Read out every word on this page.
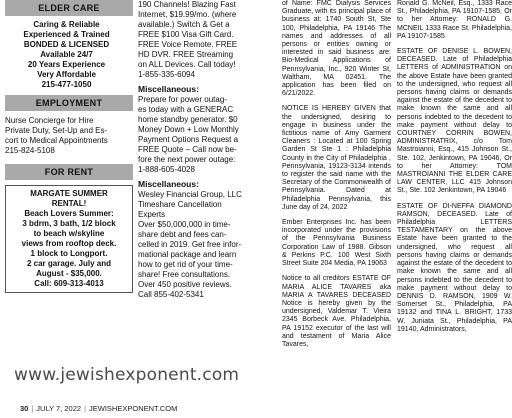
ELDER CARE
Caring & Reliable
Experienced & Trained
BONDED & LICENSED
Available 24/7
20 Years Experience
Very Affordable
215-477-1050
EMPLOYMENT
Nurse Concierge for Hire
Private Duty, Set-Up and Es-
cort to Medical Appointments
215-824-5108
FOR RENT
MARGATE SUMMER
RENTAL!
Beach Lovers Summer:
3 bdrm, 3 bath, 1/2 block
to beach w/skyline
views from rooftop deck.
1 block to Longport.
2 car garage. July and
August - $35,000.
Call: 609-313-4013

190 Channels! Blazing Fast

Internet, $19.99/mo. (where

available.) Switch & Get a

FREE $100 Visa Gift Card.

FREE Voice Remote. FREE

HD DVR. FREE Streaming

on ALL Devices. Call today!

1-855-335-6094

Miscellaneous:

Prepare for power outag-

es today with a GENERAC

home standby generator. $0

Money Down + Low Monthly

Payment Options Request a

FREE Quote – Call now be-

fore the next power outage:

1-888-605-4028

Miscellaneous:

Wesley Financial Group, LLC

Timeshare Cancellation

Experts

Over $50,000,000 in time-

share debt and fees can-

celled in 2019. Get free infor-

mational package and learn

how to get rid of your time-

share! Free consultations.

Over 450 positive reviews.

Call 855-402-5341

of Name: FMC Dialysis Services Graduate, with its principal place of business at: 1740 South St, Ste 100, Philadelphia, PA 19146 The names and addresses of all persons or entities owning or interested in said business are: Bio-Medical Applications of Pennsylvania, Inc., 920 Winter St, Waltham, MA 02451. The application has been filed on 6/21/2022.

NOTICE IS HEREBY GIVEN that the undersigned, desiring to engage in business under the fictitious name of Amy Garment Cleaners : Located at 100 Spring Garden St Ste 1 : Philadelphia County in the City of Philadelphia , Pennsylvania, 19123-3134 intends to register the said name with the Secretary of the Commonwealth of Pennsylvania. Dated at Philadelphia Pennsylvania, this June day of 24, 2022

Ember Enterprises Inc. has been incorporated under the provisions of the Pennsylvania Business Corporation Law of 1988. Gibson & Perkins P.C. 100 West Sixth Street Suite 204 Media, PA 19063

Notice to all creditors ESTATE OF MARIA ALICE TAVARES aka MARIA A TAVARES DECEASED Notice is hereby given by the undersigned, Valdemar T. Vieira 2345 Borbeck Ave. Philadelphia, PA 19152 executor of the last will and testament of Maria Alice Tavares,

Ronald G. McNeil, Esq., 1333 Race St., Philadelphia, PA 19107-1585, Or to her Attorney: RONALD G. MCNEIL 1333 Race St. Philadelphia, PA 19107-1585

ESTATE OF DENISE L. BOWEN, DECEASED. Late of Philadelphia LETTERS of ADMINISTRATION on the above Estate have been granted to the undersigned, who request all persons having claims or demands against the estate of the decedent to make known the same and all persons indebted to the decedent to make payment without delay to COURTNEY CORRIN BOWEN, ADMINISTRATRIX, c/o Tom Mastroianni, Esq., 415 Johnson St., Ste. 102, Jenkintown, PA 19046, Or to her Attorney: TOM MASTROIANNI THE ELDER CARE LAW CENTER, LLC 415 Johnson St., Ste. 102 Jenkintown, PA 19046

ESTATE OF DI-NEFFA DIAMOND RAMSON, DECEASED. Late of Philadelphia LETTERS TESTAMENTARY on the above Estate have been granted to the undersigned, who request all persons having claims or demands against the estate of the decedent to make known the same and all persons indebted to the decedent to make payment without delay to DENNIS D. RAMSON, 1909 W. Somerset St., Philadelphia, PA 19132 and TINA L. BRIGHT, 1733 W. Juniata St., Philadelphia, PA 19140, Administrators,

www.jewishexponent.com
30 | JULY 7, 2022 | JEWISHEXPONENT.COM
